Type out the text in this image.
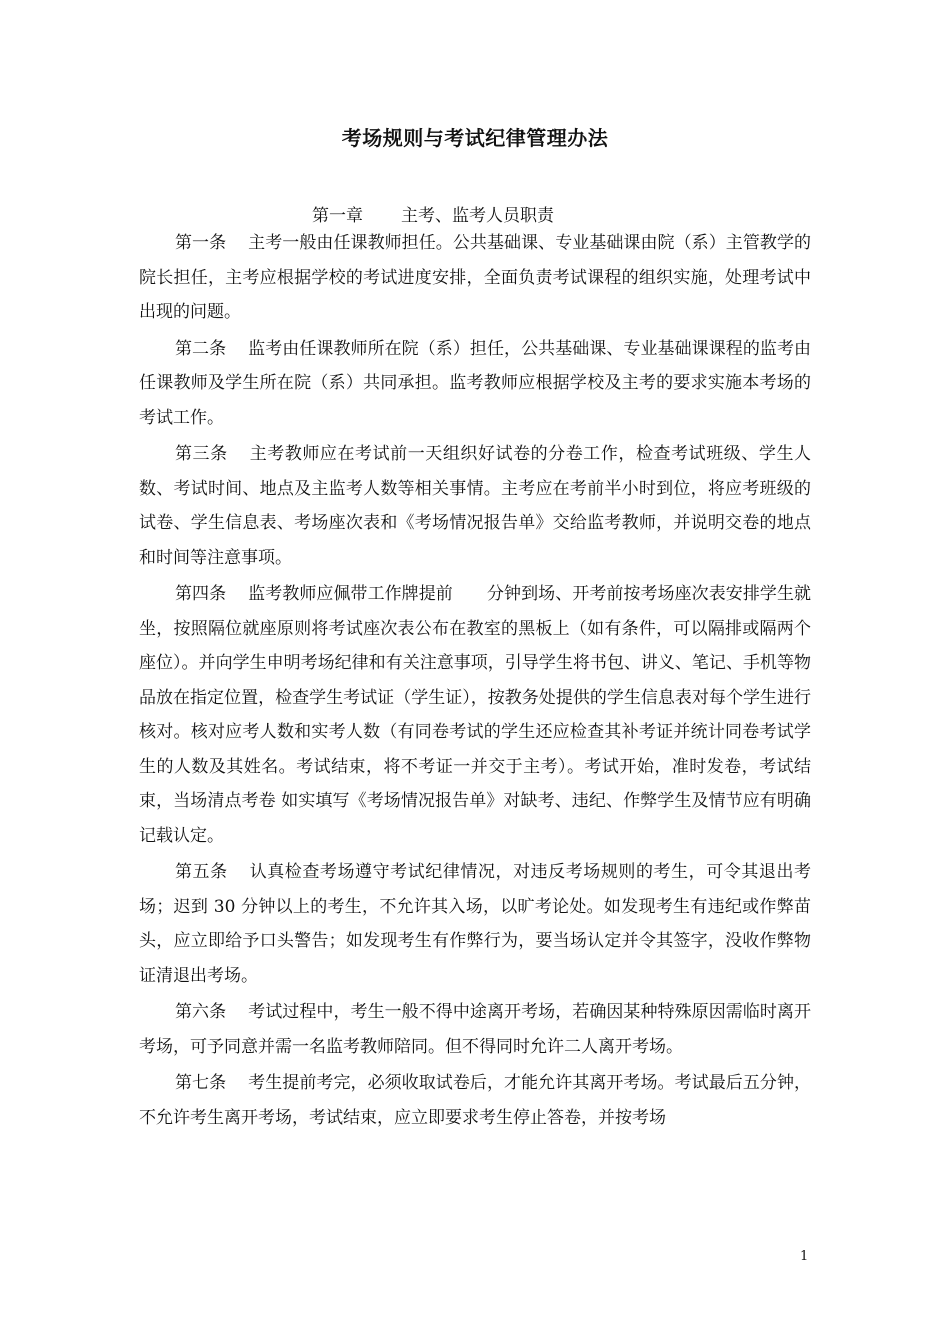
考场规则与考试纪律管理办法

第一章 主考、监考人员职责

第一条 主考一般由任课教师担任。公共基础课、专业基础课由院（系）主管教学的院长担任，主考应根据学校的考试进度安排，全面负责考试课程的组织实施，处理考试中出现的问题。

第二条 监考由任课教师所在院（系）担任，公共基础课、专业基础课课程的监考由任课教师及学生所在院（系）共同承担。监考教师应根据学校及主考的要求实施本考场的考试工作。

第三条 主考教师应在考试前一天组织好试卷的分卷工作，检查考试班级、学生人数、考试时间、地点及主监考人数等相关事情。主考应在考前半小时到位，将应考班级的试卷、学生信息表、考场座次表和《考场情况报告单》交给监考教师，并说明交卷的地点和时间等注意事项。

第四条 监考教师应佩带工作牌提前　　分钟到场、开考前按考场座次表安排学生就坐，按照隔位就座原则将考试座次表公布在教室的黑板上（如有条件，可以隔排或隔两个座位）。并向学生申明考场纪律和有关注意事项，引导学生将书包、讲义、笔记、手机等物品放在指定位置，检查学生考试证（学生证），按教务处提供的学生信息表对每个学生进行核对。核对应考人数和实考人数（有同卷考试的学生还应检查其补考证并统计同卷考试学生的人数及其姓名。考试结束，将不考证一并交于主考）。考试开始，准时发卷，考试结束，当场清点考卷 如实填写《考场情况报告单》对缺考、违纪、作弊学生及情节应有明确记载认定。

第五条 认真检查考场遵守考试纪律情况，对违反考场规则的考生，可令其退出考场；迟到 30 分钟以上的考生，不允许其入场，以旷考论处。如发现考生有违纪或作弊苗头，应立即给予口头警告；如发现考生有作弊行为，要当场认定并令其签字，没收作弊物证清退出考场。

第六条 考试过程中，考生一般不得中途离开考场，若确因某种特殊原因需临时离开考场，可予同意并需一名监考教师陪同。但不得同时允许二人离开考场。

第七条 考生提前考完，必须收取试卷后，才能允许其离开考场。考试最后五分钟，不允许考生离开考场，考试结束，应立即要求考生停止答卷，并按考场

1
